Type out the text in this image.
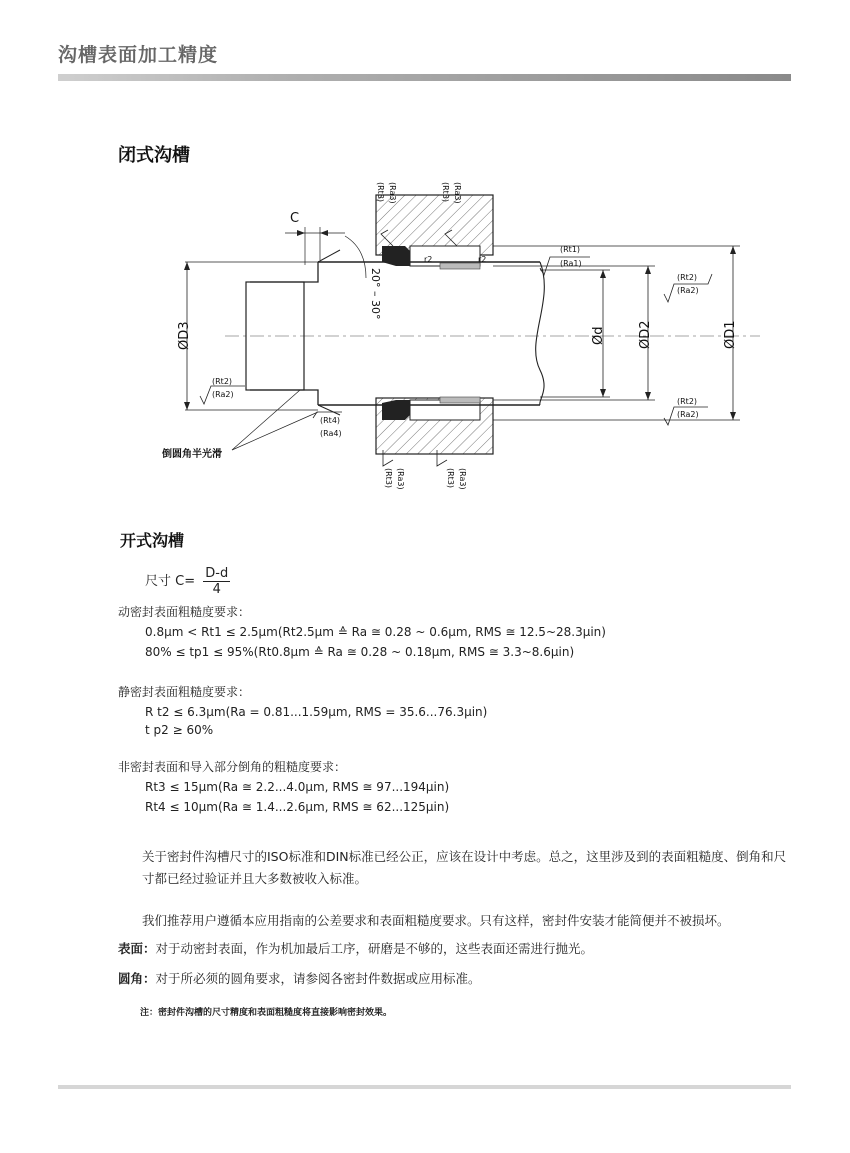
沟槽表面加工精度
闭式沟槽
C
20° – 30°
ØD3	Ød ØD2	ØD1
r2	r2
(Rt1)
(Ra1)
(Rt2)
(Ra2)
(Rt2)
(Ra2)
(Rt2)
(Ra2)
(Rt3) (Ra3)	(Rt3) (Ra3)
(Rt3) (Ra3)	(Rt3) (Ra3)
(Rt4)
(Ra4)
倒圆角半光滑
开式沟槽
尺寸 $C= \frac{D-d}{4}$
动密封表面粗糙度要求：
0.8μm < Rt1 ≤ 2.5μm(Rt2.5μm ≙ Ra ≅ 0.28 ~ 0.6μm, RMS ≅ 12.5~28.3μin)
80% ≤ tp1 ≤ 95%(Rt0.8μm ≙ Ra ≅ 0.28 ~ 0.18μm, RMS ≅ 3.3~8.6μin)
静密封表面粗糙度要求：
R t2 ≤ 6.3μm(Ra = 0.81...1.59μm, RMS = 35.6...76.3μin)
t p2 ≥ 60%
非密封表面和导入部分倒角的粗糙度要求：
Rt3 ≤ 15μm(Ra ≅ 2.2...4.0μm, RMS ≅ 97...194μin)
Rt4 ≤ 10μm(Ra ≅ 1.4...2.6μm, RMS ≅ 62...125μin)
关于密封件沟槽尺寸的ISO标准和DIN标准已经公正，应该在设计中考虑。总之，这里涉及到的表面粗糙度、倒角和尺寸都已经过验证并且大多数被收入标准。
我们推荐用户遵循本应用指南的公差要求和表面粗糙度要求。只有这样，密封件安装才能简便并不被损坏。
表面：对于动密封表面，作为机加最后工序，研磨是不够的，这些表面还需进行抛光。
圆角：对于所必须的圆角要求，请参阅各密封件数据或应用标准。
注：密封件沟槽的尺寸精度和表面粗糙度将直接影响密封效果。
